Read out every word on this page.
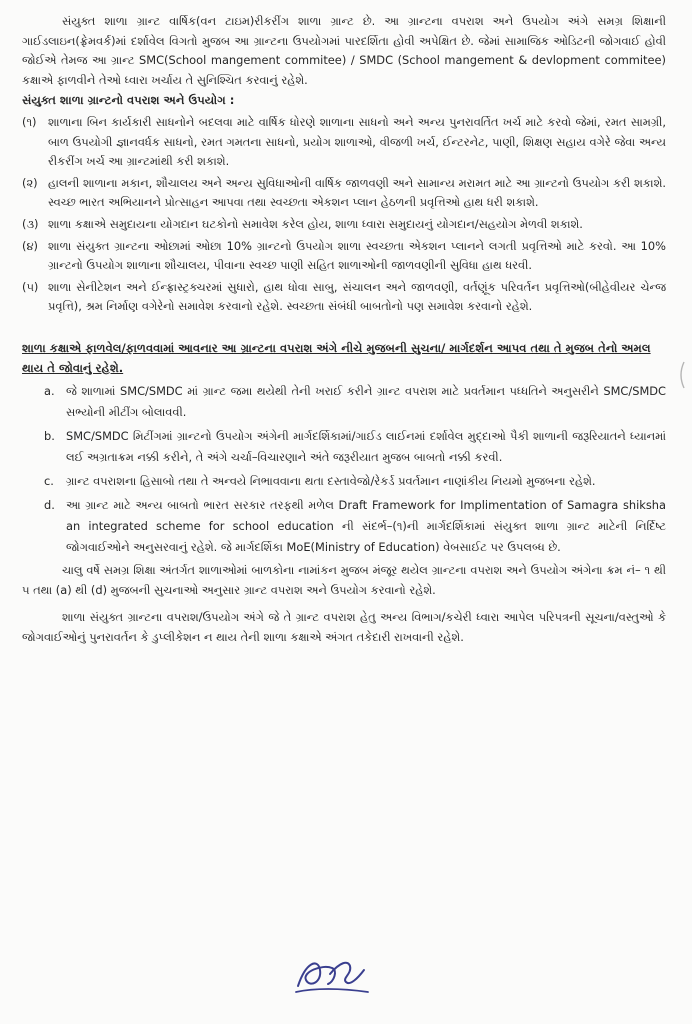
સંયુક્ત શાળા ગ્રાન્ટ વાર્ષિક(વન ટાઇમ)રીકરીંગ શાળા ગ્રાન્ટ છે. આ ગ્રાન્ટના વપરાશ અને ઉપયોગ અંગે સમગ્ર શિક્ષાની ગાઈડલાઇન(ફ્રેમવર્ક)માં દર્શાવેલ વિગતો મુજબ આ ગ્રાન્ટના ઉપયોગમાં પારદર્શિતા હોવી અપેક્ષિત છે. જેમાં સામાજિક ઓડિટની જોગવાઈ હોવી જોઈએ તેમજ આ ગ્રાન્ટ SMC(School mangement commitee) / SMDC (School mangement & devlopment commitee) કક્ષાએ ફાળવીને તેઓ ધ્વારા ખર્ચાય તે સુનિશ્ચિત કરવાનું રહેશે.

સંયુક્ત શાળા ગ્રાન્ટનો વપરાશ અને ઉપયોગ :
(૧)	શાળાના બિન કાર્યકારી સાધનોને બદલવા માટે વાર્ષિક ધોરણે શાળાના સાધનો અને અન્ય પુનરાવર્તિત ખર્ચ માટે કરવો જેમાં, રમત સામગ્રી, બાળ ઉપયોગી જ્ઞાનવર્ધક સાધનો, રમત ગમતના સાધનો, પ્રયોગ શાળાઓ, વીજળી ખર્ચ, ઈન્ટરનેટ, પાણી, શિક્ષણ સહાય વગેરે જેવા અન્ય રીકરીંગ ખર્ચ આ ગ્રાન્ટમાંથી કરી શકાશે.
(૨) હાલની શાળાના મકાન, શૌચાલય અને અન્ય સુવિધાઓની વાર્ષિક જાળવણી અને સામાન્ય મરામત માટે આ ગ્રાન્ટનો ઉપયોગ કરી શકાશે. સ્વચ્છ ભારત અભિયાનને પ્રોત્સાહન આપવા તથા સ્વચ્છતા એકશન પ્લાન હેઠળની પ્રવૃત્તિઓ હાથ ધરી શકાશે.
(૩) શાળા કક્ષાએ સમુદાયના યોગદાન ઘટકોનો સમાવેશ કરેલ હોય, શાળા ધ્વારા સમુદાયનું યોગદાન/સહયોગ મેળવી શકાશે.
(૪) શાળા સંયુક્ત ગ્રાન્ટના ઓછામાં ઓછા 10% ગ્રાન્ટનો ઉપયોગ શાળા સ્વચ્છતા એકશન પ્લાનને લગતી પ્રવૃત્તિઓ માટે કરવો. આ 10% ગ્રાન્ટનો ઉપયોગ શાળાના શૌચાલય, પીવાના સ્વચ્છ પાણી સહિત શાળાઓની જાળવણીની સુવિધા હાથ ધરવી.
(૫) શાળા સેનીટેશન અને ઈન્ફ્રાસ્ટ્રક્ચરમાં સુધારો, હાથ ધોવા સાબુ, સંચાલન અને જાળવણી, વર્તણૂંક પરિવર્તન પ્રવૃત્તિઓ(બીહેવીયર ચેન્જ પ્રવૃત્તિ), શ્રમ નિર્માણ વગેરેનો સમાવેશ કરવાનો રહેશે. સ્વચ્છતા સંબંધી બાબતોનો પણ સમાવેશ કરવાનો રહેશે.
શાળા કક્ષાએ ફાળવેલ/ફાળવવામાં આવનાર આ ગ્રાન્ટના વપરાશ અંગે નીચે મુજબની સુચના/ માર્ગદર્શન આપવ તથા તે મુજબ તેનો અમલ થાય તે જોવાનું રહેશે.
a. જે શાળામાં SMC/SMDC માં ગ્રાન્ટ જમા થયેથી તેની ખરાઈ કરીને ગ્રાન્ટ વપરાશ માટે પ્રવર્તમાન પધ્ધતિને અનુસરીને SMC/SMDC સભ્યોની મીટીંગ બોલાવવી.
b. SMC/SMDC મિટીંગમાં ગ્રાન્ટનો ઉપયોગ અંગેની માર્ગદર્શિકામાં/ગાઈડ લાઈનમાં દર્શાવેલ મુદ્દાઓ પૈકી શાળાની જરૂરિયાતને ધ્યાનમાં લઈ અગ્રતાક્રમ નક્કી કરીને, તે અંગે ચર્ચા–વિચારણાને અંતે જરૂરીયાત મુજબ બાબતો નક્કી કરવી.
c.	ગ્રાન્ટ વપરાશના હિસાબો તથા તે અન્વયે નિભાવવાના થતા દસ્તાવેજો/રેકર્ડ પ્રવર્તમાન નાણાંકીય નિયમો મુજબના રહેશે.
d. આ ગ્રાન્ટ માટે અન્ય બાબતો ભારત સરકાર તરફથી મળેલ Draft Framework for Implimentation of Samagra shiksha an integrated scheme for school education ની સંદર્ભ–(૧)ની માર્ગદર્શિકામાં સંયુક્ત શાળા ગ્રાન્ટ માટેની નિર્દિષ્ટ જોગવાઈઓને અનુસરવાનું રહેશે. જે માર્ગદર્શિકા MoE(Ministry of Education) વેબસાઈટ પર ઉપલબ્ધ છે.

ચાલુ વર્ષે સમગ્ર શિક્ષા અંતર્ગત શાળાઓમાં બાળકોના નામાંકન મુજબ મંજૂર થયેલ ગ્રાન્ટના વપરાશ અને ઉપયોગ અંગેના ક્રમ નં– ૧ થી ૫ તથા (a) થી (d) મુજબની સુચનાઓ અનુસાર ગ્રાન્ટ વપરાશ અને ઉપયોગ કરવાનો રહેશે.

શાળા સંયુક્ત ગ્રાન્ટના વપરાશ/ઉપયોગ અંગે જે તે ગ્રાન્ટ વપરાશ હેતુ અન્ય વિભાગ/કચેરી ધ્વારા આપેલ પરિપત્રની સૂચના/વસ્તુઓ કે જોગવાઈઓનું પુનરાવર્તન કે ડુપ્લીકેશન ન થાય તેની શાળા કક્ષાએ અંગત તકેદારી રાખવાની રહેશે.
